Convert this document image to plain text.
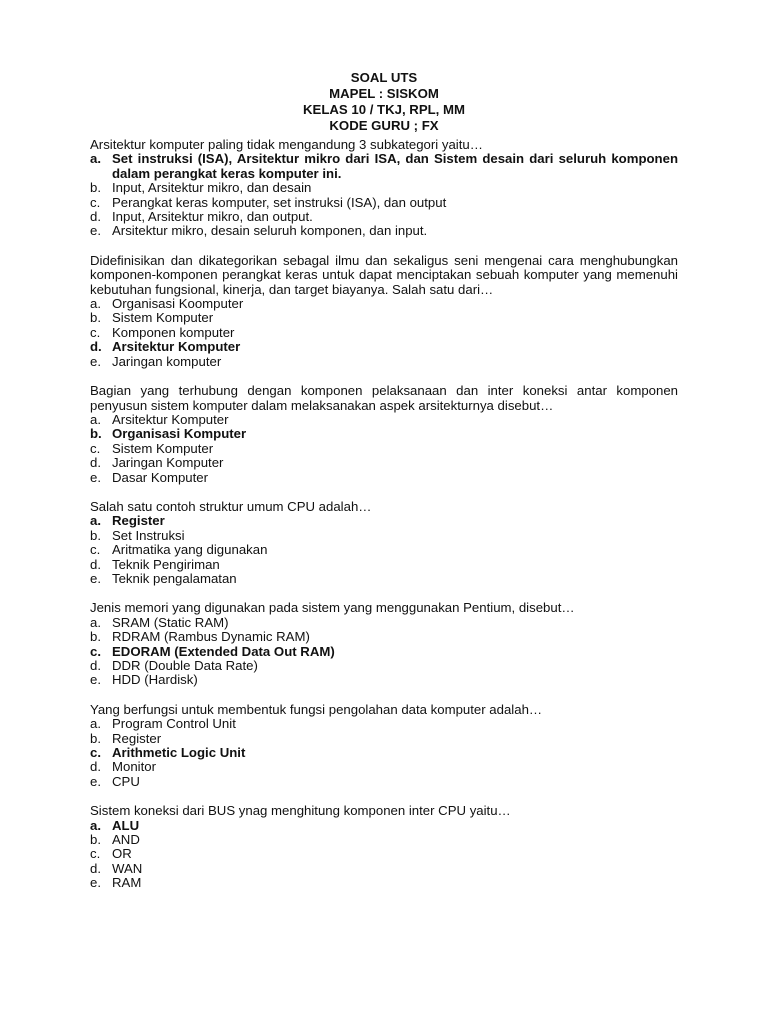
SOAL UTS
MAPEL : SISKOM
KELAS 10 / TKJ, RPL, MM
KODE GURU ; FX
Arsitektur komputer paling tidak mengandung 3 subkategori yaitu…
a. Set instruksi (ISA), Arsitektur mikro dari ISA, dan Sistem desain dari seluruh komponen dalam perangkat keras komputer ini.
b. Input, Arsitektur mikro, dan desain
c. Perangkat keras komputer, set instruksi (ISA), dan output
d. Input, Arsitektur mikro, dan output.
e. Arsitektur mikro, desain seluruh komponen, dan input.
Didefinisikan dan dikategorikan sebagal ilmu dan sekaligus seni mengenai cara menghubungkan komponen-komponen perangkat keras untuk dapat menciptakan sebuah komputer yang memenuhi kebutuhan fungsional, kinerja, dan target biayanya. Salah satu dari…
a. Organisasi Koomputer
b. Sistem Komputer
c. Komponen komputer
d. Arsitektur Komputer
e. Jaringan komputer
Bagian yang terhubung dengan komponen pelaksanaan dan inter koneksi antar komponen penyusun sistem komputer dalam melaksanakan aspek arsitekturnya disebut…
a. Arsitektur Komputer
b. Organisasi Komputer
c. Sistem Komputer
d. Jaringan Komputer
e. Dasar Komputer
Salah satu contoh struktur umum CPU adalah…
a. Register
b. Set Instruksi
c. Aritmatika yang digunakan
d. Teknik Pengiriman
e. Teknik pengalamatan
Jenis memori yang digunakan pada sistem yang menggunakan Pentium, disebut…
a. SRAM (Static RAM)
b. RDRAM (Rambus Dynamic RAM)
c. EDORAM (Extended Data Out RAM)
d. DDR (Double Data Rate)
e. HDD (Hardisk)
Yang berfungsi untuk membentuk fungsi pengolahan data komputer adalah…
a. Program Control Unit
b. Register
c. Arithmetic Logic Unit
d. Monitor
e. CPU
Sistem koneksi dari BUS ynag menghitung komponen inter CPU yaitu…
a. ALU
b. AND
c. OR
d. WAN
e. RAM
